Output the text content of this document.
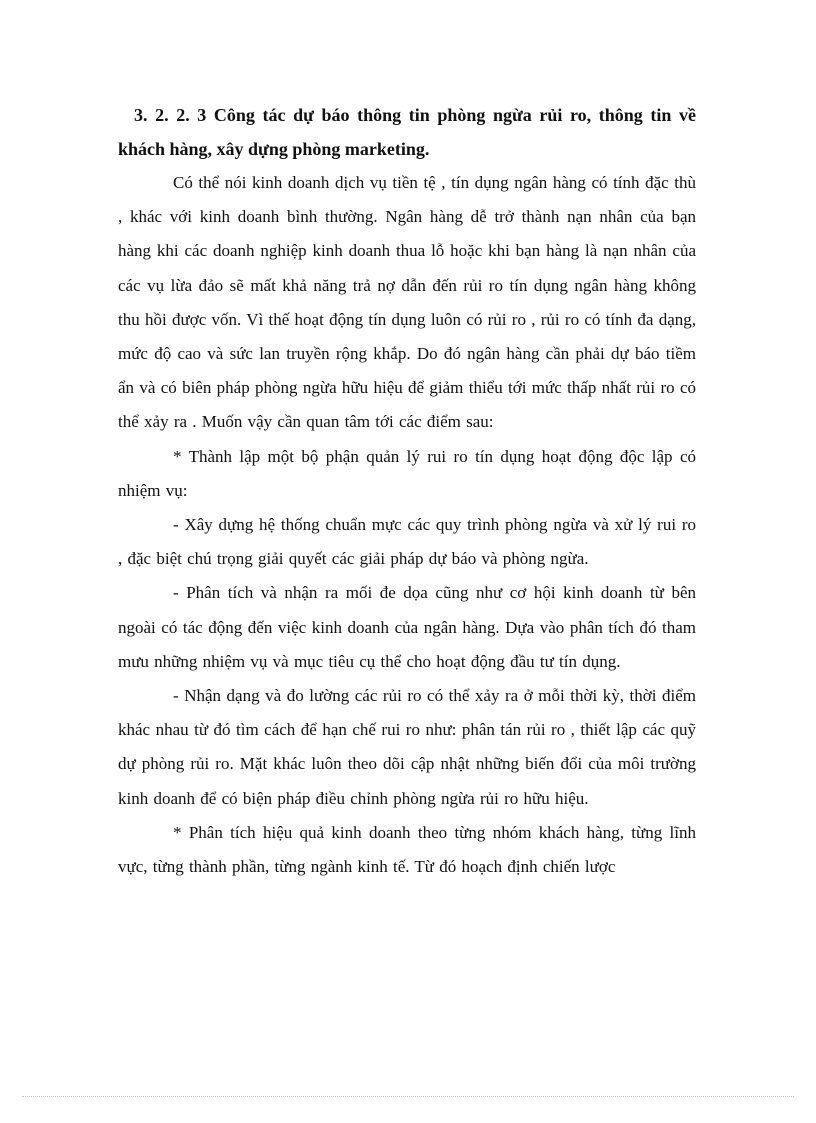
3. 2. 2. 3 Công tác dự báo thông tin phòng ngừa rủi ro, thông tin về khách hàng, xây dựng phòng marketing.

Có thể nói kinh doanh dịch vụ tiền tệ , tín dụng ngân hàng có tính đặc thù , khác với kinh doanh bình thường. Ngân hàng dễ trở thành nạn nhân của bạn hàng khi các doanh nghiệp kinh doanh thua lỗ hoặc khi bạn hàng là nạn nhân của các vụ lừa đảo sẽ mất khả năng trả nợ dẫn đến rủi ro tín dụng ngân hàng không thu hồi được vốn. Vì thế hoạt động tín dụng luôn có rủi ro , rủi ro có tính đa dạng, mức độ cao và sức lan truyền rộng khắp. Do đó ngân hàng cần phải dự báo tiềm ẩn và có biên pháp phòng ngừa hữu hiệu để giảm thiểu tới mức thấp nhất rủi ro có thể xảy ra . Muốn vậy cần quan tâm tới các điểm sau:

* Thành lập một bộ phận quản lý rui ro tín dụng hoạt động độc lập có nhiệm vụ:

- Xây dựng hệ thống chuẩn mực các quy trình phòng ngừa và xử lý rui ro , đặc biệt chú trọng giải quyết các giải pháp dự báo và phòng ngừa.

- Phân tích và nhận ra mối đe dọa cũng như cơ hội kinh doanh từ bên ngoài có tác động đến việc kinh doanh của ngân hàng. Dựa vào phân tích đó tham mưu những nhiệm vụ và mục tiêu cụ thể cho hoạt động đầu tư tín dụng.

- Nhận dạng và đo lường các rủi ro có thể xảy ra ở mỗi thời kỳ, thời điểm khác nhau từ đó tìm cách để hạn chế rui ro như: phân tán rủi ro , thiết lập các quỹ dự phòng rủi ro. Mặt khác luôn theo dõi cập nhật những biến đổi của môi trường kinh doanh để có biện pháp điều chỉnh phòng ngừa rủi ro hữu hiệu.

* Phân tích hiệu quả kinh doanh theo từng nhóm khách hàng, từng lĩnh vực, từng thành phần, từng ngành kinh tế. Từ đó hoạch định chiến lược
